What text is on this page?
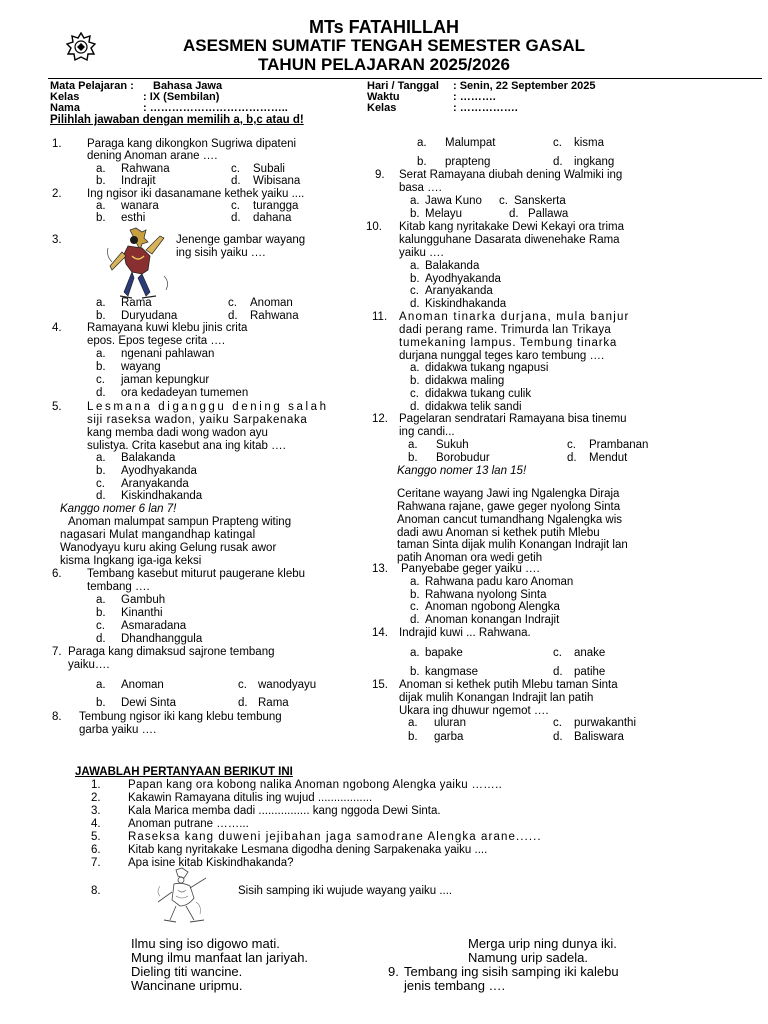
MTs FATAHILLAH
ASESMEN SUMATIF TENGAH SEMESTER GASAL
TAHUN PELAJARAN 2025/2026
Mata Pelajaran : Bahasa Jawa
Kelas	: IX (Sembilan)
Nama	: ………………………………..
Hari / Tanggal : Senin, 22 September 2025
Waktu	: ……….
Kelas	: …………….
Pilihlah jawaban dengan memilih a, b,c atau d!
1. Paraga kang dikongkon Sugriwa dipateni
dening Anoman arane ….
a. Rahwana	c. Subali
b. Indrajit	d. Wibisana
2. Ing ngisor iki dasanamane kethek yaiku ....
a. wanara	c. turangga
b. esthi	d. dahana
3.	Jenenge gambar wayang
ing sisih yaiku ….
a. Rama	c. Anoman
b. Duryudana	d. Rahwana
4. Ramayana kuwi klebu jinis crita
epos. Epos tegese crita ….
a. ngenani pahlawan
b. wayang
c. jaman kepungkur
d. ora kedadeyan tumemen
5. Lesmana diganggu dening salah
siji raseksa wadon, yaiku Sarpakenaka
kang memba dadi wong wadon ayu
sulistya. Crita kasebut ana ing kitab ….
a. Balakanda
b. Ayodhyakanda
c. Aranyakanda
d. Kiskindhakanda
Kanggo nomer 6 lan 7!
Anoman malumpat sampun Prapteng witing
nagasari Mulat mangandhap katingal
Wanodyayu kuru aking Gelung rusak awor
kisma Ingkang iga-iga keksi
6. Tembang kasebut miturut paugerane klebu
tembang ….
a. Gambuh
b. Kinanthi
c. Asmaradana
d. Dhandhanggula
7. Paraga kang dimaksud sajrone tembang
yaiku….
a. Anoman	c. wanodyayu
b. Dewi Sinta	d. Rama
8. Tembung ngisor iki kang klebu tembung
garba yaiku ….
a. Malumpat	c. kisma
b. prapteng	d. ingkang
9. Serat Ramayana diubah dening Walmiki ing
basa ….
a. Jawa Kuno c. Sanskerta
b. Melayu	d. Pallawa
10. Kitab kang nyritakake Dewi Kekayi ora trima
kalungguhane Dasarata diwenehake Rama
yaiku ….
a. Balakanda
b. Ayodhyakanda
c. Aranyakanda
d. Kiskindhakanda
11. Anoman tinarka durjana, mula banjur
dadi perang rame. Trimurda lan Trikaya
tumekaning lampus. Tembung tinarka
durjana nunggal teges karo tembung ….
a. didakwa tukang ngapusi
b. didakwa maling
c. didakwa tukang culik
d. didakwa telik sandi
12. Pagelaran sendratari Ramayana bisa tinemu
ing candi...
a. Sukuh	c. Prambanan
b. Borobudur	d. Mendut
Kanggo nomer 13 lan 15!
Ceritane wayang Jawi ing Ngalengka Diraja
Rahwana rajane, gawe geger nyolong Sinta
Anoman cancut tumandhang Ngalengka wis
dadi awu Anoman si kethek putih Mlebu
taman Sinta dijak mulih Konangan Indrajit lan
patih Anoman ora wedi getih
13. Panyebabe geger yaiku ….
a. Rahwana padu karo Anoman
b. Rahwana nyolong Sinta
c. Anoman ngobong Alengka
d. Anoman konangan Indrajit
14. Indrajid kuwi ... Rahwana.
a. bapake	c. anake
b. kangmase	d. patihe
15. Anoman si kethek putih Mlebu taman Sinta
dijak mulih Konangan Indrajit lan patih
Ukara ing dhuwur ngemot ….
a. uluran	c. purwakanthi
b. garba	d. Baliswara
JAWABLAH PERTANYAAN BERIKUT INI
1. Papan kang ora kobong nalika Anoman ngobong Alengka yaiku ……..
2. Kakawin Ramayana ditulis ing wujud .................
3. Kala Marica memba dadi ................ kang nggoda Dewi Sinta.
4. Anoman putrane ……...
5. Raseksa kang duweni jejibahan jaga samodrane Alengka arane......
6. Kitab kang nyritakake Lesmana digodha dening Sarpakenaka yaiku ....
7. Apa isine kitab Kiskindhakanda?
8.	Sisih samping iki wujude wayang yaiku ....
Ilmu sing iso digowo mati.
Mung ilmu manfaat lan jariyah.
Dieling titi wancine.
Wancinane uripmu.
Merga urip ning dunya iki.
Namung urip sadela.
9. Tembang ing sisih samping iki kalebu
jenis tembang ….
